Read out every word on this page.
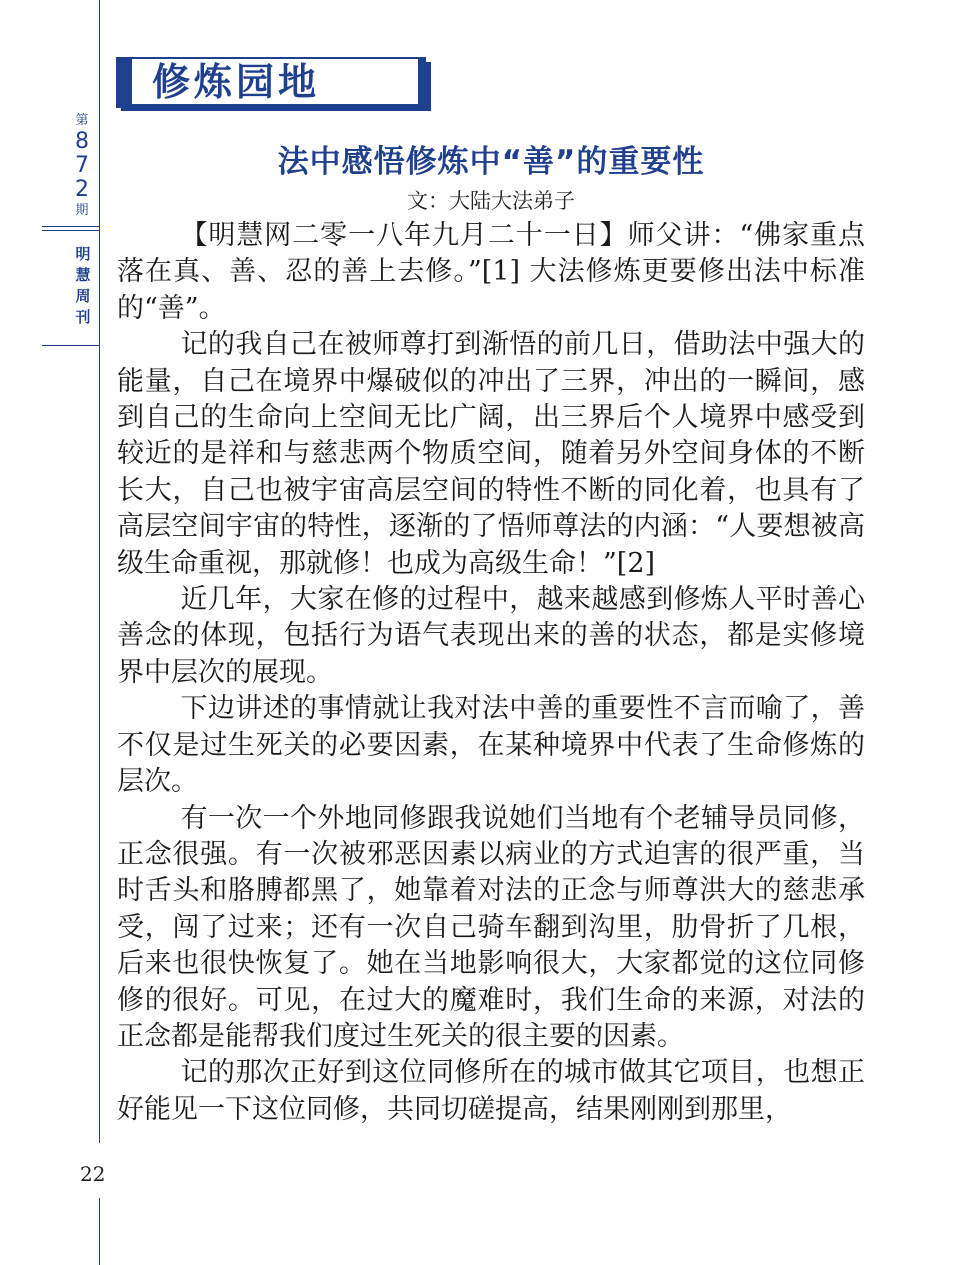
第
8
7
2
期
明
慧
周
刊
修炼园地
法中感悟修炼中“善”的重要性
文：大陆大法弟子

【明慧网二零一八年九月二十一日】师父讲：“佛家重点落在真、善、忍的善上去修。”[1] 大法修炼更要修出法中标准的“善”。

记的我自己在被师尊打到渐悟的前几日，借助法中强大的能量，自己在境界中爆破似的冲出了三界，冲出的一瞬间，感到自己的生命向上空间无比广阔，出三界后个人境界中感受到较近的是祥和与慈悲两个物质空间，随着另外空间身体的不断长大，自己也被宇宙高层空间的特性不断的同化着，也具有了高层空间宇宙的特性，逐渐的了悟师尊法的内涵：“人要想被高级生命重视，那就修！也成为高级生命！”[2]

近几年，大家在修的过程中，越来越感到修炼人平时善心善念的体现，包括行为语气表现出来的善的状态，都是实修境界中层次的展现。

下边讲述的事情就让我对法中善的重要性不言而喻了，善不仅是过生死关的必要因素，在某种境界中代表了生命修炼的层次。

有一次一个外地同修跟我说她们当地有个老辅导员同修，正念很强。有一次被邪恶因素以病业的方式迫害的很严重，当时舌头和胳膊都黑了，她靠着对法的正念与师尊洪大的慈悲承受，闯了过来；还有一次自己骑车翻到沟里，肋骨折了几根，后来也很快恢复了。她在当地影响很大，大家都觉的这位同修修的很好。可见，在过大的魔难时，我们生命的来源，对法的正念都是能帮我们度过生死关的很主要的因素。

记的那次正好到这位同修所在的城市做其它项目，也想正好能见一下这位同修，共同切磋提高，结果刚刚到那里，

22
